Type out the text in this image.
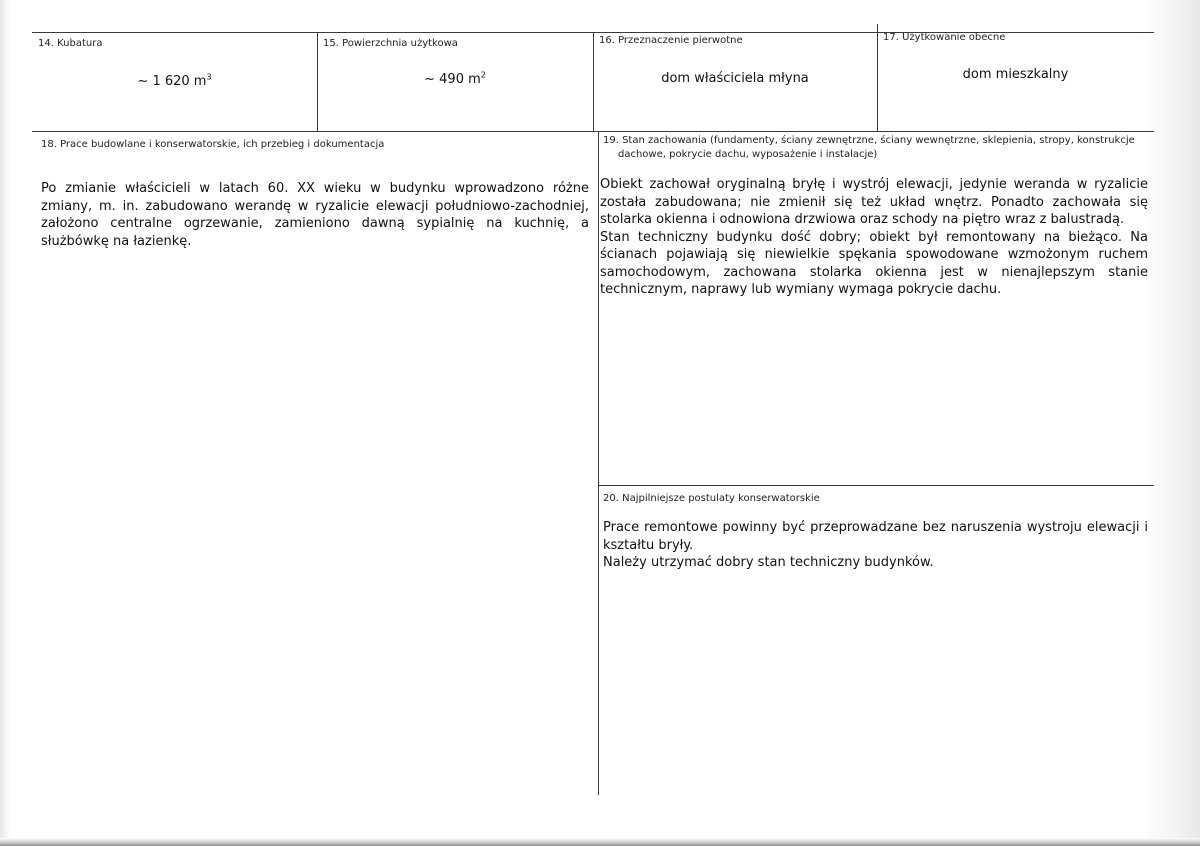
14. Kubatura
~ 1 620 $m^3$
15. Powierzchnia użytkowa
~ 490 $m^2$
16. Przeznaczenie pierwotne
dom właściciela młyna
17. Użytkowanie obecne
dom mieszkalny
18. Prace budowlane i konserwatorskie, ich przebieg i dokumentacja
Po zmianie właścicieli w latach 60. XX wieku w budynku wprowadzono różne zmiany, m. in. zabudowano werandę w ryzalicie elewacji południowo-zachodniej, założono centralne ogrzewanie, zamieniono dawną sypialnię na kuchnię, a służbówkę na łazienkę.
19. Stan zachowania (fundamenty, ściany zewnętrzne, ściany wewnętrzne, sklepienia, stropy, konstrukcje
dachowe, pokrycie dachu, wyposażenie i instalacje)

Obiekt zachował oryginalną bryłę i wystrój elewacji, jedynie weranda w ryzalicie została zabudowana; nie zmienił się też układ wnętrz. Ponadto zachowała się stolarka okienna i odnowiona drzwiowa oraz schody na piętro wraz z balustradą.

Stan techniczny budynku dość dobry; obiekt był remontowany na bieżąco. Na ścianach pojawiają się niewielkie spękania spowodowane wzmożonym ruchem samochodowym, zachowana stolarka okienna jest w nienajlepszym stanie technicznym, naprawy lub wymiany wymaga pokrycie dachu.

20. Najpilniejsze postulaty konserwatorskie

Prace remontowe powinny być przeprowadzane bez naruszenia wystroju elewacji i kształtu bryły.

Należy utrzymać dobry stan techniczny budynków.
